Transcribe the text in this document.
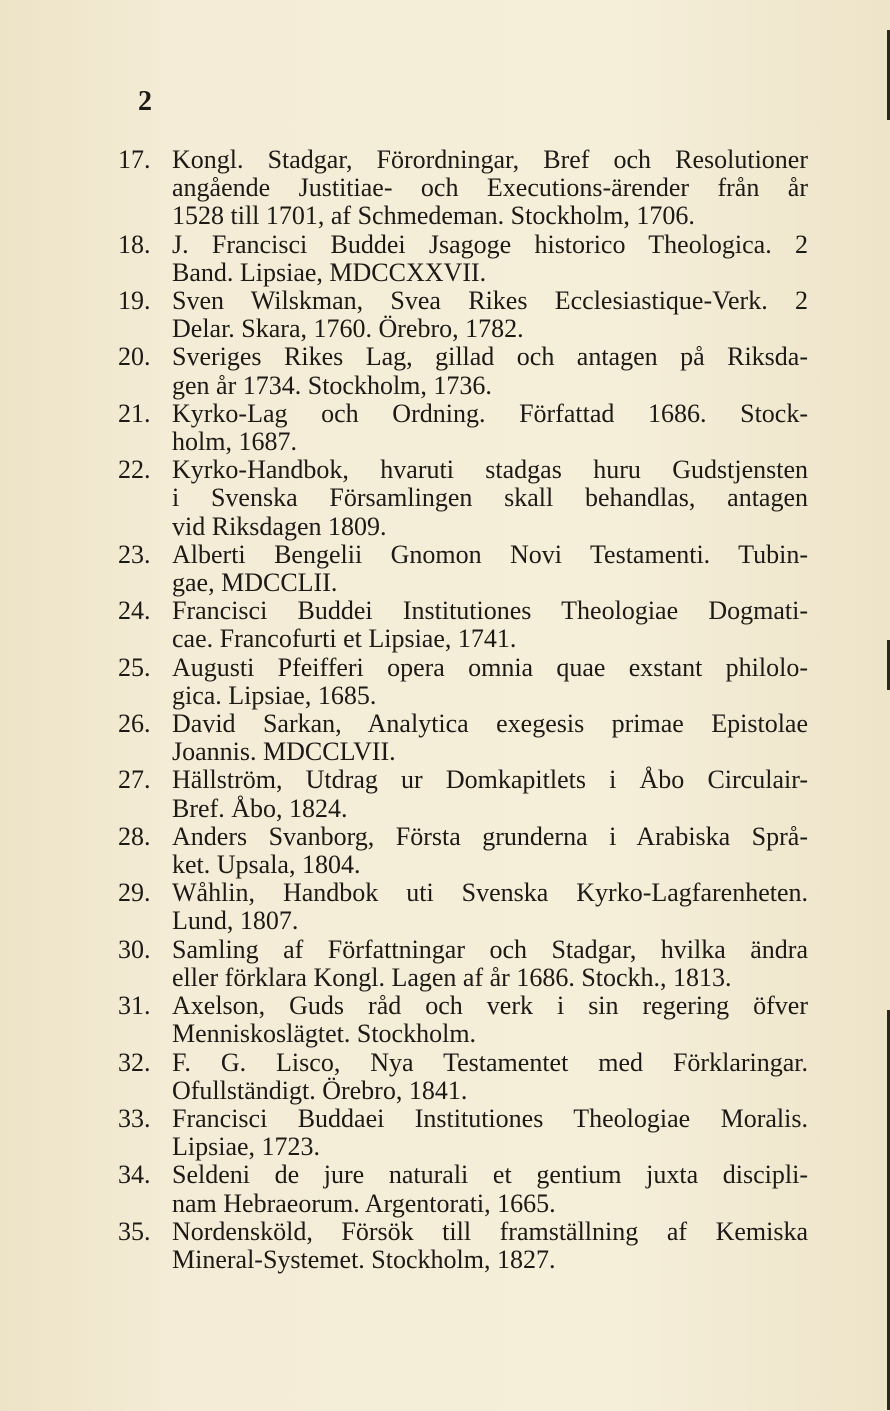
2
17. Kongl. Stadgar, Förordningar, Bref och Resolutioner
angående Justitiae- och Executions-ärender från år
1528 till 1701, af Schmedeman. Stockholm, 1706.
18. J. Francisci Buddei Jsagoge historico Theologica. 2
Band. Lipsiae, MDCCXXVII.
19. Sven Wilskman, Svea Rikes Ecclesiastique-Verk. 2
Delar. Skara, 1760. Örebro, 1782.
20. Sveriges Rikes Lag, gillad och antagen på Riksda-
gen år 1734. Stockholm, 1736.
21. Kyrko-Lag och Ordning. Författad 1686. Stock-
holm, 1687.
22. Kyrko-Handbok, hvaruti stadgas huru Gudstjensten
i Svenska Församlingen skall behandlas, antagen
vid Riksdagen 1809.
23. Alberti Bengelii Gnomon Novi Testamenti. Tubin-
gae, MDCCLII.
24. Francisci Buddei Institutiones Theologiae Dogmati-
cae. Francofurti et Lipsiae, 1741.
25. Augusti Pfeifferi opera omnia quae exstant philolo-
gica. Lipsiae, 1685.
26. David Sarkan, Analytica exegesis primae Epistolae
Joannis. MDCCLVII.
27. Hällström, Utdrag ur Domkapitlets i Åbo Circulair-
Bref. Åbo, 1824.
28. Anders Svanborg, Första grunderna i Arabiska Språ-
ket. Upsala, 1804.
29. Wåhlin, Handbok uti Svenska Kyrko-Lagfarenheten.
Lund, 1807.
30. Samling af Författningar och Stadgar, hvilka ändra
eller förklara Kongl. Lagen af år 1686. Stockh., 1813.
31. Axelson, Guds råd och verk i sin regering öfver
Menniskoslägtet. Stockholm.
32. F. G. Lisco, Nya Testamentet med Förklaringar.
Ofullständigt. Örebro, 1841.
33. Francisci Buddaei Institutiones Theologiae Moralis.
Lipsiae, 1723.
34. Seldeni de jure naturali et gentium juxta discipli-
nam Hebraeorum. Argentorati, 1665.
35. Nordensköld, Försök till framställning af Kemiska
Mineral-Systemet. Stockholm, 1827.
